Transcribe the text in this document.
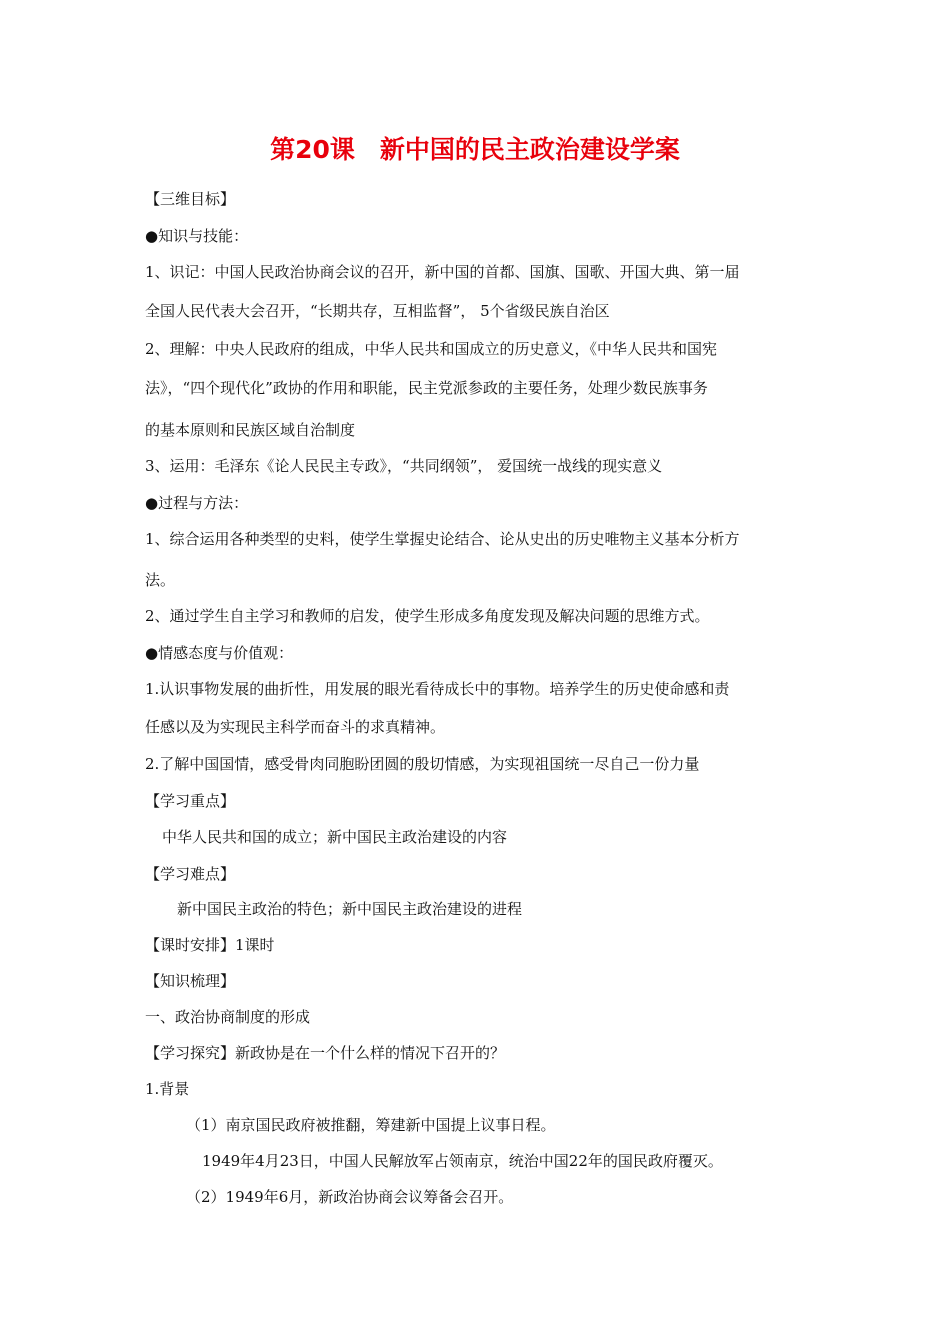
第20课　新中国的民主政治建设学案
【三维目标】
●知识与技能：
1、识记：中国人民政治协商会议的召开，新中国的首都、国旗、国歌、开国大典、第一届
全国人民代表大会召开，“长期共存，互相监督”， 5个省级民族自治区
2、理解：中央人民政府的组成，中华人民共和国成立的历史意义，《中华人民共和国宪
法》，“四个现代化”政协的作用和职能，民主党派参政的主要任务，处理少数民族事务
的基本原则和民族区域自治制度
3、运用：毛泽东《论人民民主专政》，“共同纲领”， 爱国统一战线的现实意义
●过程与方法：
1、综合运用各种类型的史料，使学生掌握史论结合、论从史出的历史唯物主义基本分析方
法。
2、通过学生自主学习和教师的启发，使学生形成多角度发现及解决问题的思维方式。
●情感态度与价值观：
1.认识事物发展的曲折性，用发展的眼光看待成长中的事物。培养学生的历史使命感和责
任感以及为实现民主科学而奋斗的求真精神。
2.了解中国国情，感受骨肉同胞盼团圆的殷切情感，为实现祖国统一尽自己一份力量
【学习重点】
中华人民共和国的成立；新中国民主政治建设的内容
【学习难点】
新中国民主政治的特色；新中国民主政治建设的进程
【课时安排】1课时
【知识梳理】
一、政治协商制度的形成
【学习探究】新政协是在一个什么样的情况下召开的？
1.背景
（1）南京国民政府被推翻，筹建新中国提上议事日程。
1949年4月23日，中国人民解放军占领南京，统治中国22年的国民政府覆灭。
（2）1949年6月，新政治协商会议筹备会召开。
